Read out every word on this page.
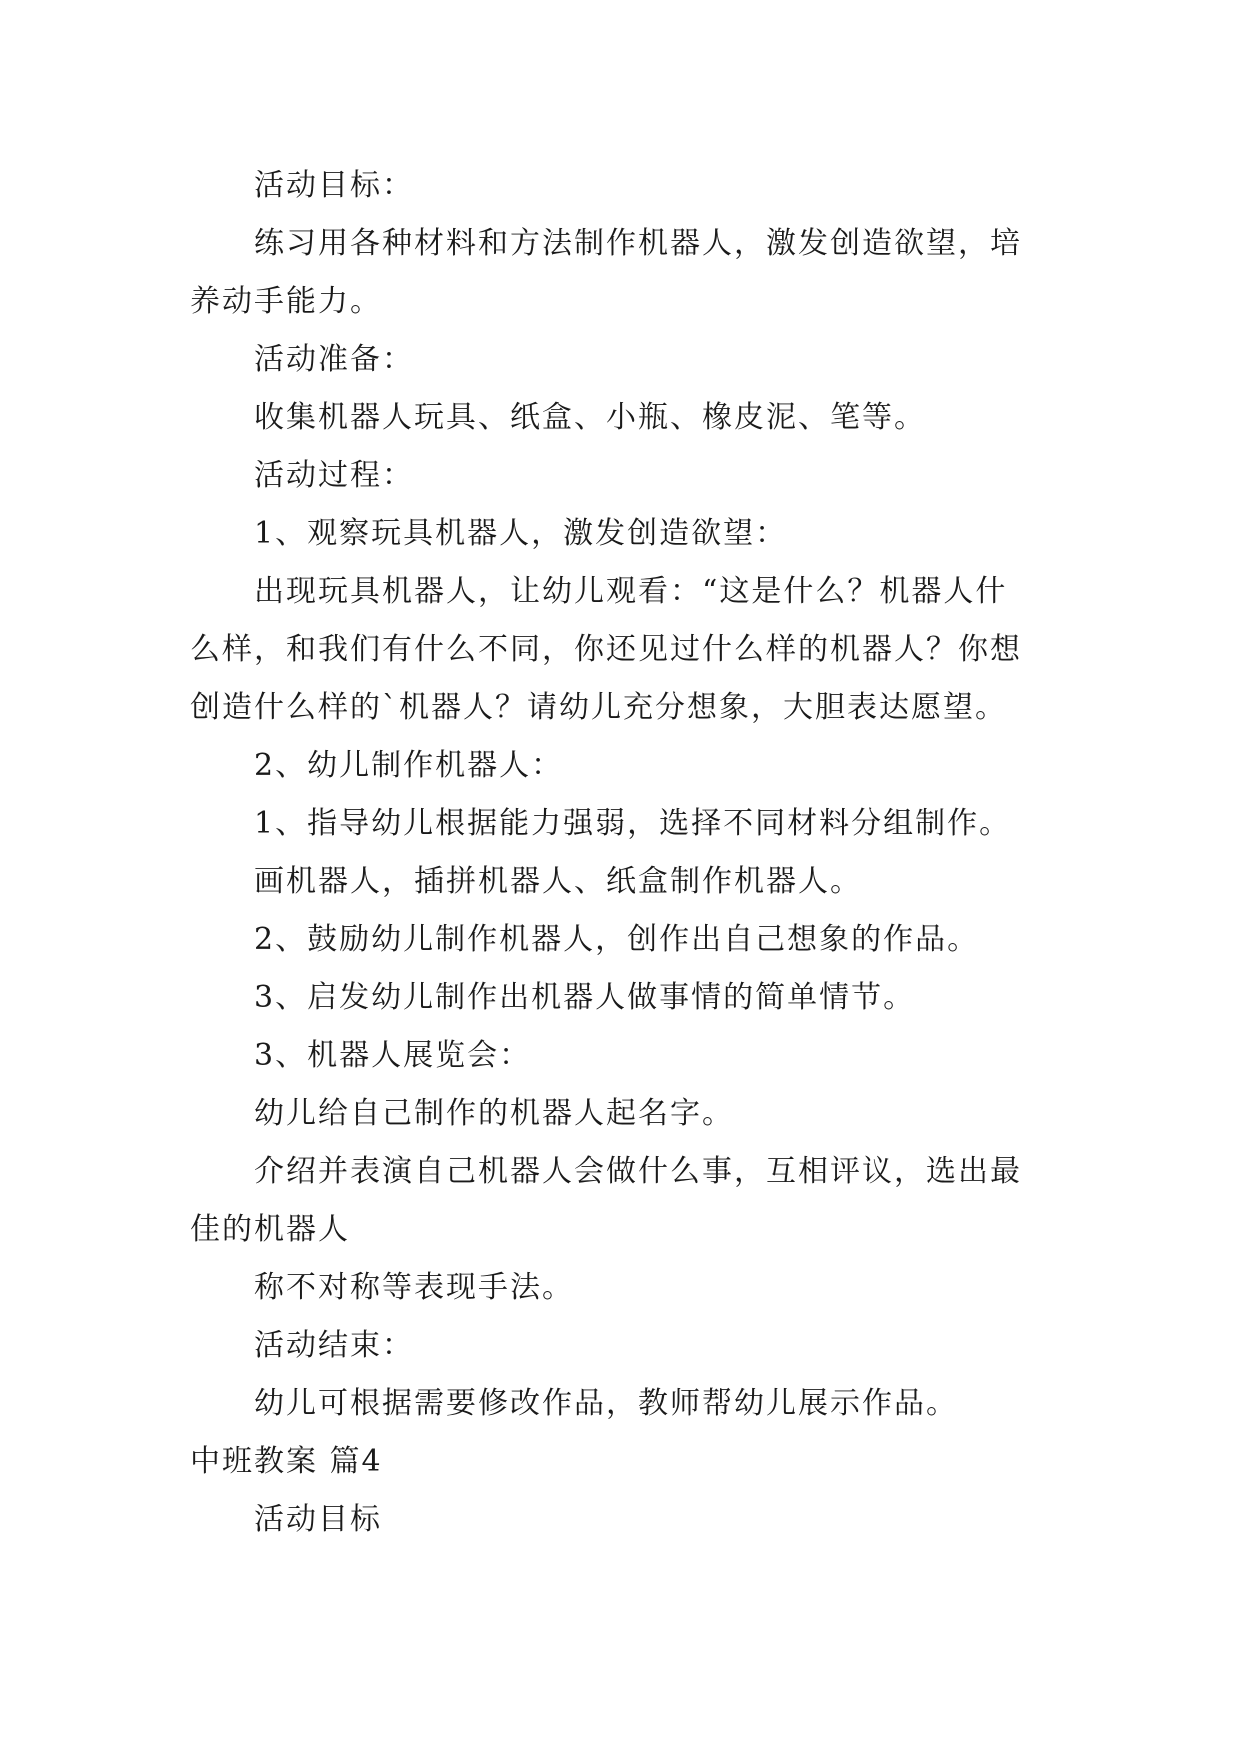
活动目标：

练习用各种材料和方法制作机器人，激发创造欲望，培

养动手能力。

活动准备：

收集机器人玩具、纸盒、小瓶、橡皮泥、笔等。

活动过程：

1、观察玩具机器人，激发创造欲望：

出现玩具机器人，让幼儿观看：“这是什么？机器人什

么样，和我们有什么不同，你还见过什么样的机器人？你想

创造什么样的`机器人？请幼儿充分想象，大胆表达愿望。

2、幼儿制作机器人：

1、指导幼儿根据能力强弱，选择不同材料分组制作。

画机器人，插拼机器人、纸盒制作机器人。

2、鼓励幼儿制作机器人，创作出自己想象的作品。

3、启发幼儿制作出机器人做事情的简单情节。

3、机器人展览会：

幼儿给自己制作的机器人起名字。

介绍并表演自己机器人会做什么事，互相评议，选出最

佳的机器人

称不对称等表现手法。

活动结束：

幼儿可根据需要修改作品，教师帮幼儿展示作品。

中班教案 篇4

活动目标
